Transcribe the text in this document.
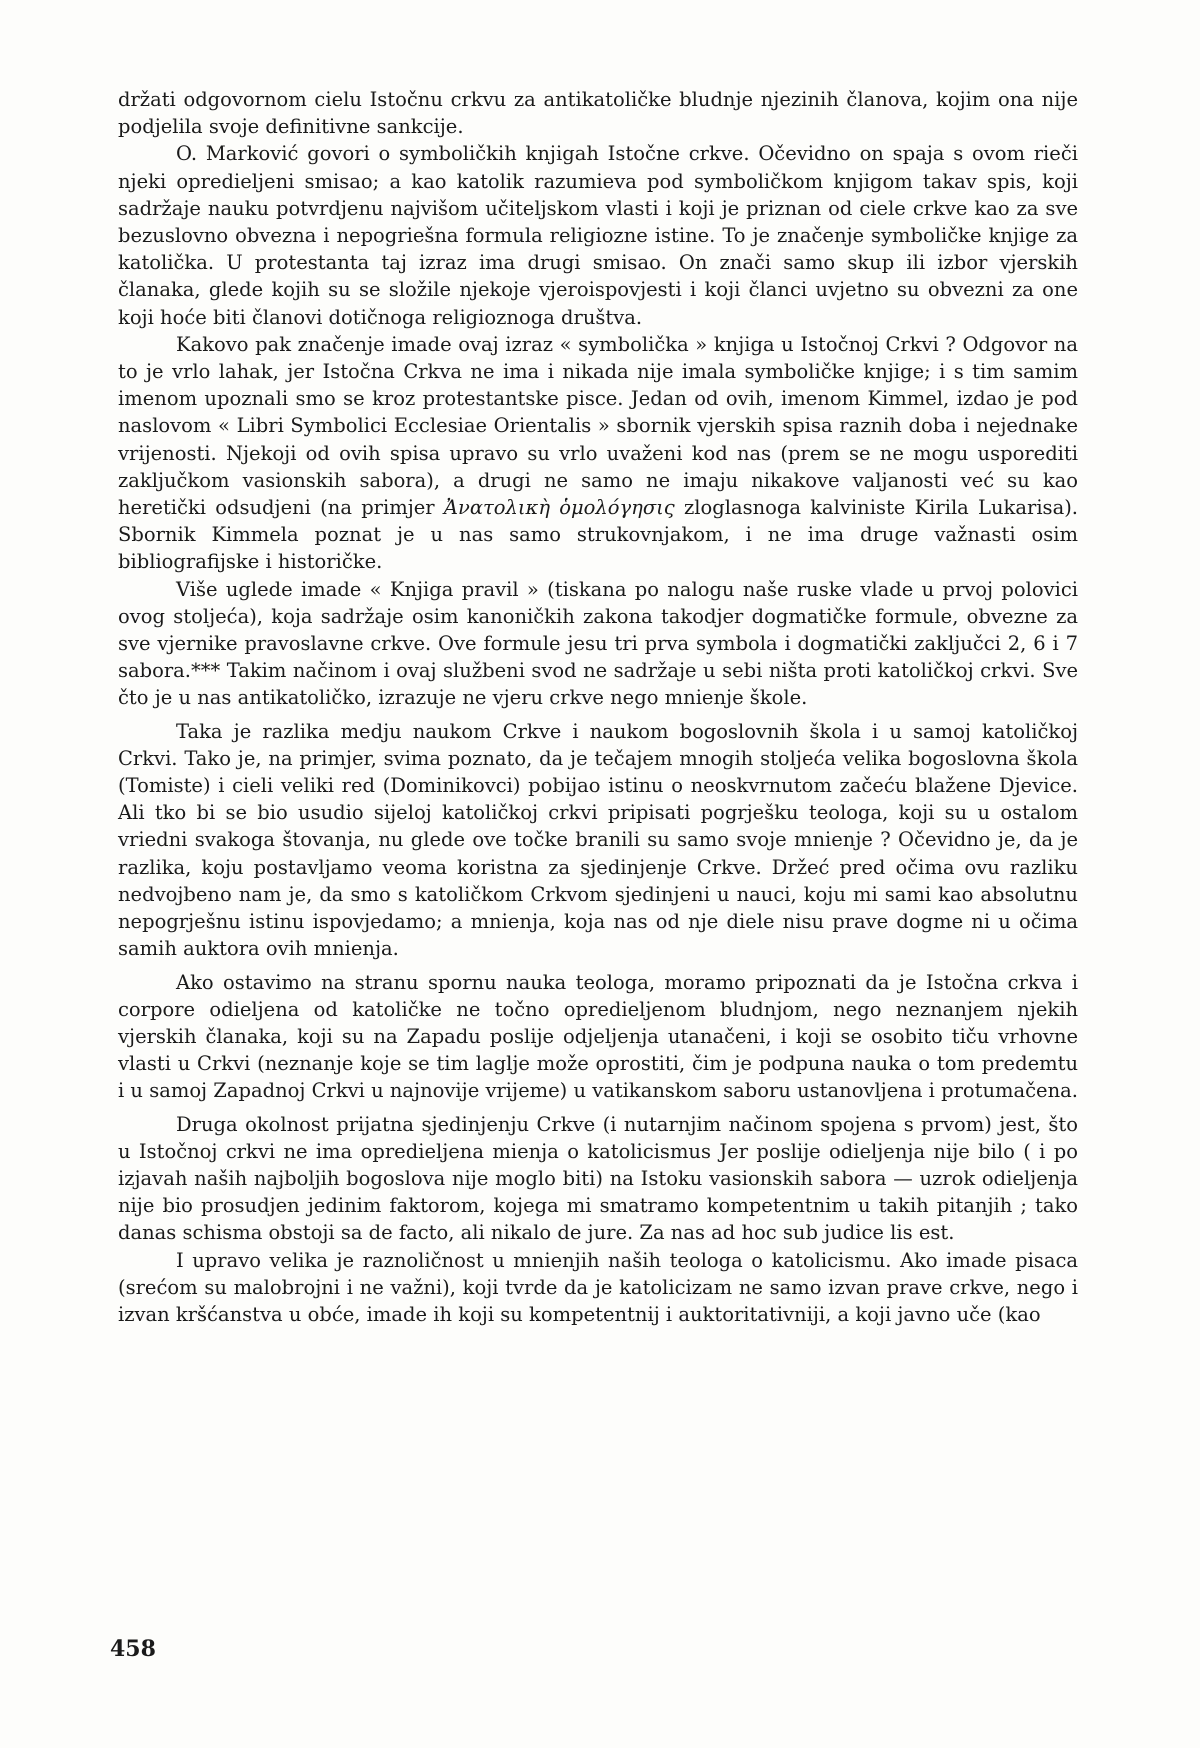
držati odgovornom cielu Istočnu crkvu za antikatoličke bludnje njezinih članova, kojim ona nije podjelila svoje definitivne sankcije.

O. Marković govori o symboličkih knjigah Istočne crkve. Očevidno on spaja s ovom rieči njeki opredieljeni smisao; a kao katolik razumieva pod symboličkom knjigom takav spis, koji sadržaje nauku potvrdjenu najvišom učiteljskom vlasti i koji je priznan od ciele crkve kao za sve bezuslovno obvezna i nepogriešna formula religiozne istine. To je značenje symboličke knjige za katolička. U protestanta taj izraz ima drugi smisao. On znači samo skup ili izbor vjerskih članaka, glede kojih su se složile njekoje vjeroispovjesti i koji članci uvjetno su obvezni za one koji hoće biti članovi dotičnoga religioznoga društva.

Kakovo pak značenje imade ovaj izraz « symbolička » knjiga u Istočnoj Crkvi ? Odgovor na to je vrlo lahak, jer Istočna Crkva ne ima i nikada nije imala symboličke knjige; i s tim samim imenom upoznali smo se kroz protestantske pisce. Jedan od ovih, imenom Kimmel, izdao je pod naslovom « Libri Symbolici Ecclesiae Orientalis » sbornik vjerskih spisa raznih doba i nejednake vrijenosti. Njekoji od ovih spisa upravo su vrlo uvaženi kod nas (prem se ne mogu usporediti zaključkom vasionskih sabora), a drugi ne samo ne imaju nikakove valjanosti već su kao heretički odsudjeni (na primjer Ἀνατολικὴ ὁμολόγησις zloglasnoga kalviniste Kirila Lukarisa). Sbornik Kimmela poznat je u nas samo strukovnjakom, i ne ima druge važnasti osim bibliografijske i historičke.

Više uglede imade « Knjiga pravil » (tiskana po nalogu naše ruske vlade u prvoj polovici ovog stoljeća), koja sadržaje osim kanoničkih zakona takodjer dogmatičke formule, obvezne za sve vjernike pravoslavne crkve. Ove formule jesu tri prva symbola i dogmatički zaključci 2, 6 i 7 sabora.*** Takim načinom i ovaj službeni svod ne sadržaje u sebi ništa proti katoličkoj crkvi. Sve čto je u nas antikatoličko, izrazuje ne vjeru crkve nego mnienje škole.

Taka je razlika medju naukom Crkve i naukom bogoslovnih škola i u samoj katoličkoj Crkvi. Tako je, na primjer, svima poznato, da je tečajem mnogih stoljeća velika bogoslovna škola (Tomiste) i cieli veliki red (Dominikovci) pobijao istinu o neoskvrnutom začeću blažene Djevice. Ali tko bi se bio usudio sijeloj katoličkoj crkvi pripisati pogrješku teologa, koji su u ostalom vriedni svakoga štovanja, nu glede ove točke branili su samo svoje mnienje ? Očevidno je, da je razlika, koju postavljamo veoma koristna za sjedinjenje Crkve. Držeć pred očima ovu razliku nedvojbeno nam je, da smo s katoličkom Crkvom sjedinjeni u nauci, koju mi sami kao absolutnu nepogrješnu istinu ispovjedamo; a mnienja, koja nas od nje diele nisu prave dogme ni u očima samih auktora ovih mnienja.

Ako ostavimo na stranu spornu nauka teologa, moramo pripoznati da je Istočna crkva i corpore odieljena od katoličke ne točno opredieljenom bludnjom, nego neznanjem njekih vjerskih članaka, koji su na Zapadu poslije odjeljenja utanačeni, i koji se osobito tiču vrhovne vlasti u Crkvi (neznanje koje se tim laglje može oprostiti, čim je podpuna nauka o tom predemtu i u samoj Zapadnoj Crkvi u najnovije vrijeme) u vatikanskom saboru ustanovljena i protumačena.

Druga okolnost prijatna sjedinjenju Crkve (i nutarnjim načinom spojena s prvom) jest, što u Istočnoj crkvi ne ima opredieljena mienja o katolicismus Jer poslije odieljenja nije bilo ( i po izjavah naših najboljih bogoslova nije moglo biti) na Istoku vasionskih sabora — uzrok odieljenja nije bio prosudjen jedinim faktorom, kojega mi smatramo kompetentnim u takih pitanjih ; tako danas schisma obstoji sa de facto, ali nikalo de jure. Za nas ad hoc sub judice lis est.

I upravo velika je raznoličnost u mnienjih naših teologa o katolicismu. Ako imade pisaca (srećom su malobrojni i ne važni), koji tvrde da je katolicizam ne samo izvan prave crkve, nego i izvan kršćanstva u obće, imade ih koji su kompetentnij i auktoritativniji, a koji javno uče (kao

458
